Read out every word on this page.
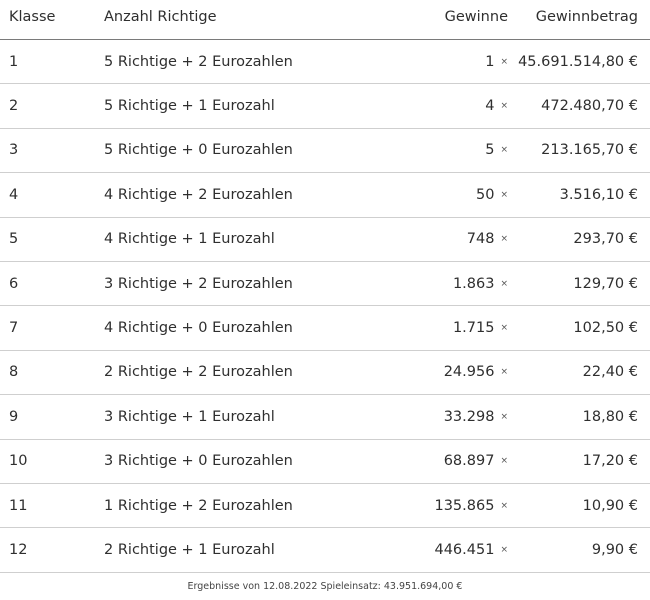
Klasse	Anzahl Richtige	Gewinne Gewinnbetrag
1	5 Richtige + 2 Eurozahlen	1 × 45.691.514,80 €
2	5 Richtige + 1 Eurozahl	4 × 472.480,70 €
3	5 Richtige + 0 Eurozahlen	5 × 213.165,70 €
4	4 Richtige + 2 Eurozahlen	50 ×	3.516,10 €
5	4 Richtige + 1 Eurozahl	748 ×	293,70 €
6	3 Richtige + 2 Eurozahlen	1.863 ×	129,70 €
7	4 Richtige + 0 Eurozahlen	1.715 ×	102,50 €
8	2 Richtige + 2 Eurozahlen	24.956 ×	22,40 €
9	3 Richtige + 1 Eurozahl	33.298 ×	18,80 €
10	3 Richtige + 0 Eurozahlen	68.897 ×	17,20 €
11	1 Richtige + 2 Eurozahlen	135.865 ×	10,90 €
12	2 Richtige + 1 Eurozahl	446.451 ×	9,90 €
Ergebnisse von 12.08.2022 Spieleinsatz: 43.951.694,00 €
